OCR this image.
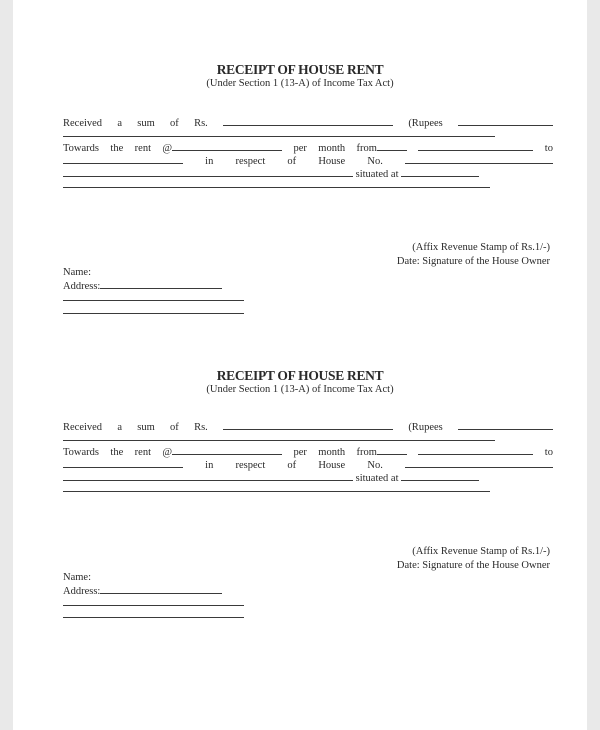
RECEIPT OF HOUSE RENT
(Under Section 1 (13-A) of Income Tax Act)
Received a sum of Rs.	(Rupees
Towards the rent @	per month from	to
in respect of House No.
situated at
(Affix Revenue Stamp of Rs.1/-)
Date: Signature of the House Owner
Name:
Address:
RECEIPT OF HOUSE RENT
(Under Section 1 (13-A) of Income Tax Act)
Received a sum of Rs.	(Rupees
Towards the rent @	per month from	to
in respect of House No.
situated at
(Affix Revenue Stamp of Rs.1/-)
Date: Signature of the House Owner
Name:
Address:
